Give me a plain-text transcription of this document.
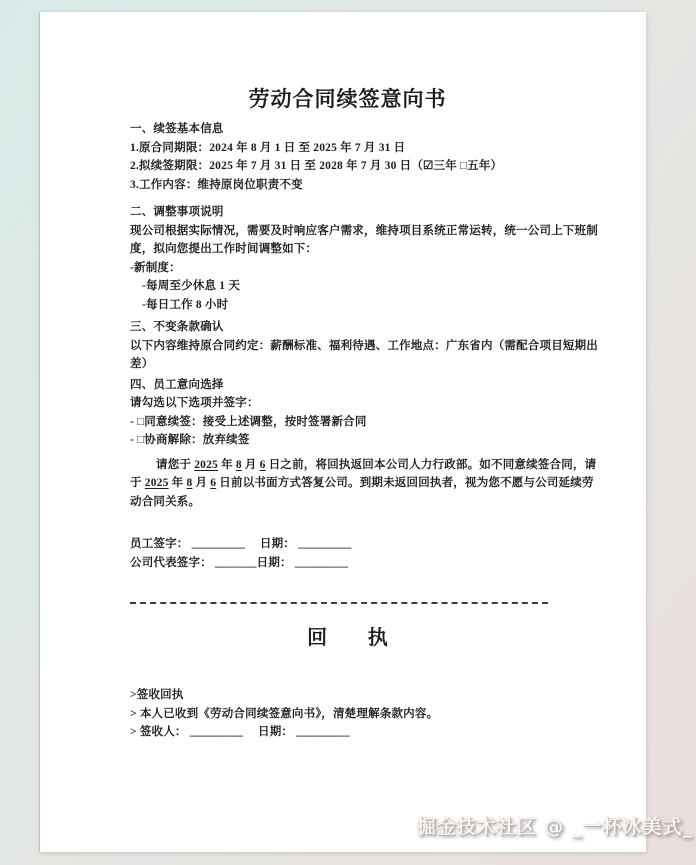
劳动合同续签意向书
一、续签基本信息
1.原合同期限：2024 年 8 月 1 日 至 2025 年 7 月 31 日
2.拟续签期限：2025 年 7 月 31 日 至 2028 年 7 月 30 日（☑三年 □五年）
3.工作内容：维持原岗位职责不变
二、调整事项说明
现公司根据实际情况，需要及时响应客户需求，维持项目系统正常运转，统一公司上下班制
度，拟向您提出工作时间调整如下：
-新制度：
-每周至少休息 1 天
-每日工作 8 小时
三、不变条款确认
以下内容维持原合同约定：薪酬标准、福利待遇、工作地点：广东省内（需配合项目短期出
差）
四、员工意向选择
请勾选以下选项并签字：
- □同意续签：接受上述调整，按时签署新合同
- □协商解除：放弃续签
请您于 2025 年 8 月 6 日之前，将回执返回本公司人力行政部。如不同意续签合同，请
于 2025 年 8 月 6 日前以书面方式答复公司。到期未返回回执者，视为您不愿与公司延续劳
动合同关系。
员工签字： _________　 日期： _________
公司代表签字： _______日期： _________
回　　执
>签收回执
> 本人已收到《劳动合同续签意向书》，清楚理解条款内容。
> 签收人： _________　 日期： _________
掘金技术社区 @ _一杯冰美式_
